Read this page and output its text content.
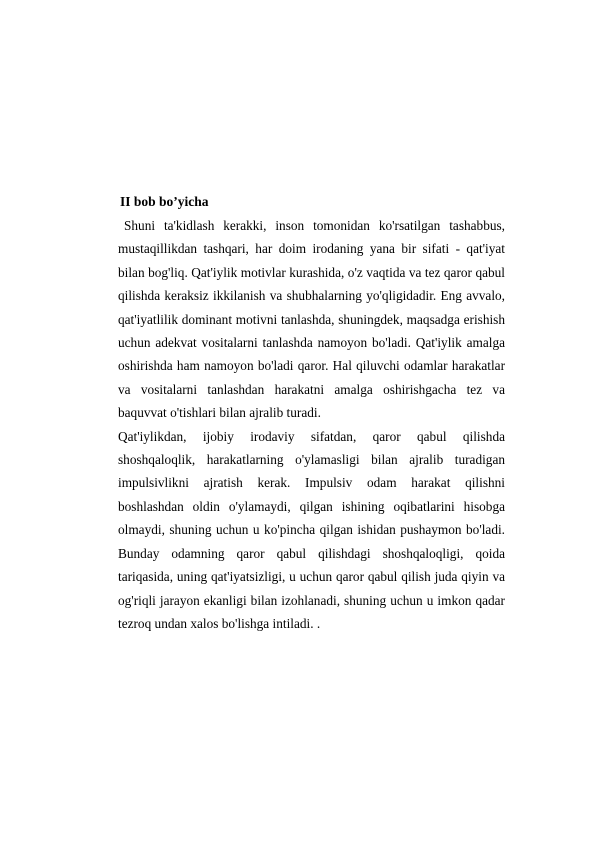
II bob bo’yicha

Shuni ta'kidlash kerakki, inson tomonidan ko'rsatilgan tashabbus, mustaqillikdan tashqari, har doim irodaning yana bir sifati - qat'iyat bilan bog'liq. Qat'iylik motivlar kurashida, o'z vaqtida va tez qaror qabul qilishda keraksiz ikkilanish va shubhalarning yo'qligidadir. Eng avvalo, qat'iyatlilik dominant motivni tanlashda, shuningdek, maqsadga erishish uchun adekvat vositalarni tanlashda namoyon bo'ladi. Qat'iylik amalga oshirishda ham namoyon bo'ladi qaror. Hal qiluvchi odamlar harakatlar va vositalarni tanlashdan harakatni amalga oshirishgacha tez va baquvvat o'tishlari bilan ajralib turadi.

Qat'iylikdan, ijobiy irodaviy sifatdan, qaror qabul qilishda shoshqaloqlik, harakatlarning o'ylamasligi bilan ajralib turadigan impulsivlikni ajratish kerak. Impulsiv odam harakat qilishni boshlashdan oldin o'ylamaydi, qilgan ishining oqibatlarini hisobga olmaydi, shuning uchun u ko'pincha qilgan ishidan pushaymon bo'ladi. Bunday odamning qaror qabul qilishdagi shoshqaloqligi, qoida tariqasida, uning qat'iyatsizligi, u uchun qaror qabul qilish juda qiyin va og'riqli jarayon ekanligi bilan izohlanadi, shuning uchun u imkon qadar tezroq undan xalos bo'lishga intiladi. .
